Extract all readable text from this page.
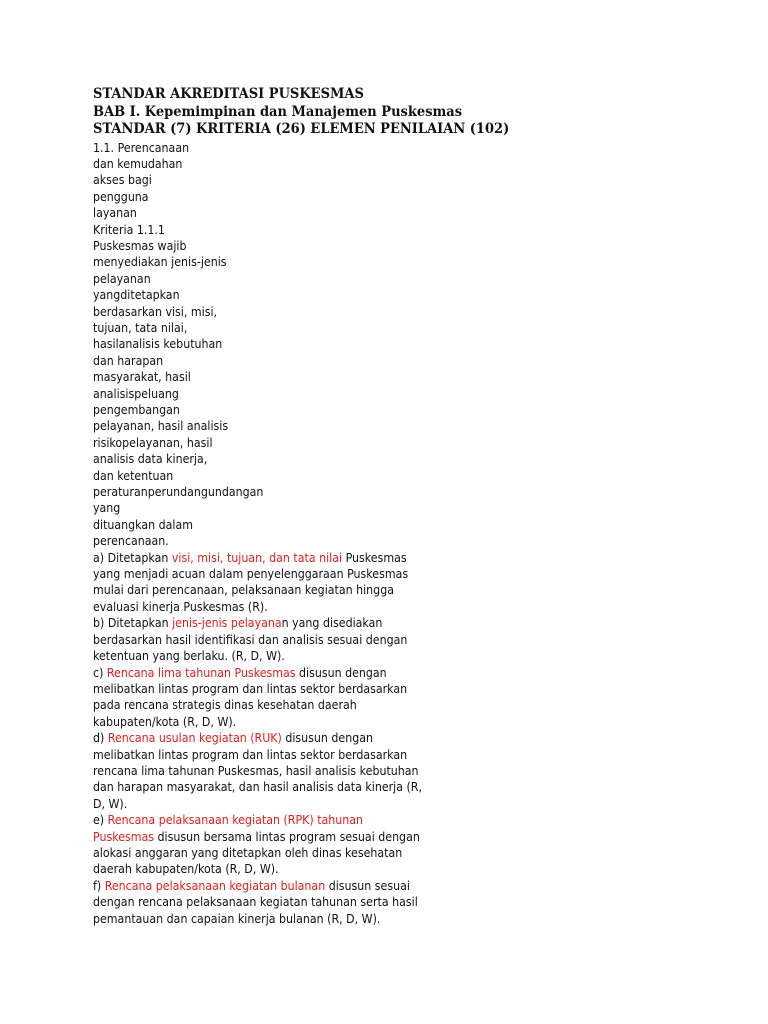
STANDAR AKREDITASI PUSKESMAS
BAB I. Kepemimpinan dan Manajemen Puskesmas
STANDAR (7) KRITERIA (26) ELEMEN PENILAIAN (102)
1.1. Perencanaan
dan kemudahan
akses bagi
pengguna
layanan
Kriteria 1.1.1
Puskesmas wajib
menyediakan jenis-jenis
pelayanan
yangditetapkan
berdasarkan visi, misi,
tujuan, tata nilai,
hasilanalisis kebutuhan
dan harapan
masyarakat, hasil
analisispeluang
pengembangan
pelayanan, hasil analisis
risikopelayanan, hasil
analisis data kinerja,
dan ketentuan
peraturanperundangundangan
yang
dituangkan dalam
perencanaan.
a) Ditetapkan visi, misi, tujuan, dan tata nilai Puskesmas
yang menjadi acuan dalam penyelenggaraan Puskesmas
mulai dari perencanaan, pelaksanaan kegiatan hingga
evaluasi kinerja Puskesmas (R).
b) Ditetapkan jenis-jenis pelayanan yang disediakan
berdasarkan hasil identifikasi dan analisis sesuai dengan
ketentuan yang berlaku. (R, D, W).
c) Rencana lima tahunan Puskesmas disusun dengan
melibatkan lintas program dan lintas sektor berdasarkan
pada rencana strategis dinas kesehatan daerah
kabupaten/kota (R, D, W).
d) Rencana usulan kegiatan (RUK) disusun dengan
melibatkan lintas program dan lintas sektor berdasarkan
rencana lima tahunan Puskesmas, hasil analisis kebutuhan
dan harapan masyarakat, dan hasil analisis data kinerja (R,
D, W).
e) Rencana pelaksanaan kegiatan (RPK) tahunan
Puskesmas disusun bersama lintas program sesuai dengan
alokasi anggaran yang ditetapkan oleh dinas kesehatan
daerah kabupaten/kota (R, D, W).
f) Rencana pelaksanaan kegiatan bulanan disusun sesuai
dengan rencana pelaksanaan kegiatan tahunan serta hasil
pemantauan dan capaian kinerja bulanan (R, D, W).
